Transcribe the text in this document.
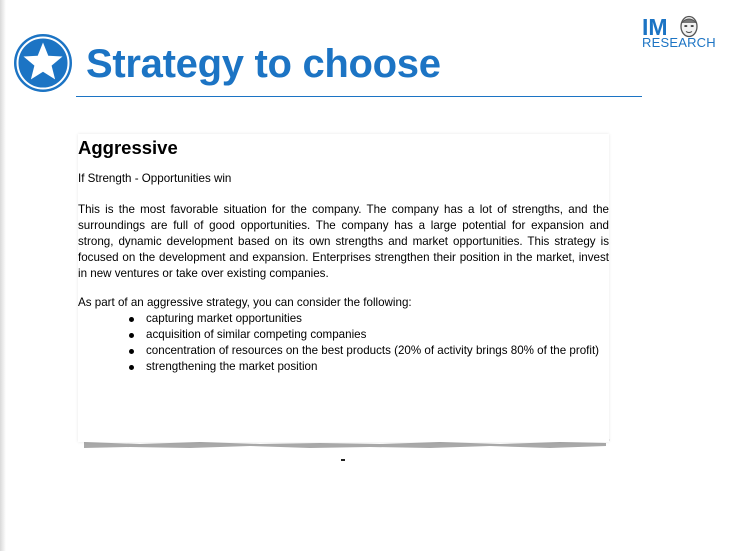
Strategy to choose
IM
RESEARCH
Aggressive
If Strength - Opportunities win

This is the most favorable situation for the company. The company has a lot of strengths, and the surroundings are full of good opportunities. The company has a large potential for expansion and strong, dynamic development based on its own strengths and market opportunities. This strategy is focused on the development and expansion. Enterprises strengthen their position in the market, invest in new ventures or take over existing companies.

As part of an aggressive strategy, you can consider the following:
capturing market opportunities
acquisition of similar competing companies
concentration of resources on the best products (20% of activity brings 80% of the profit)
strengthening the market position
